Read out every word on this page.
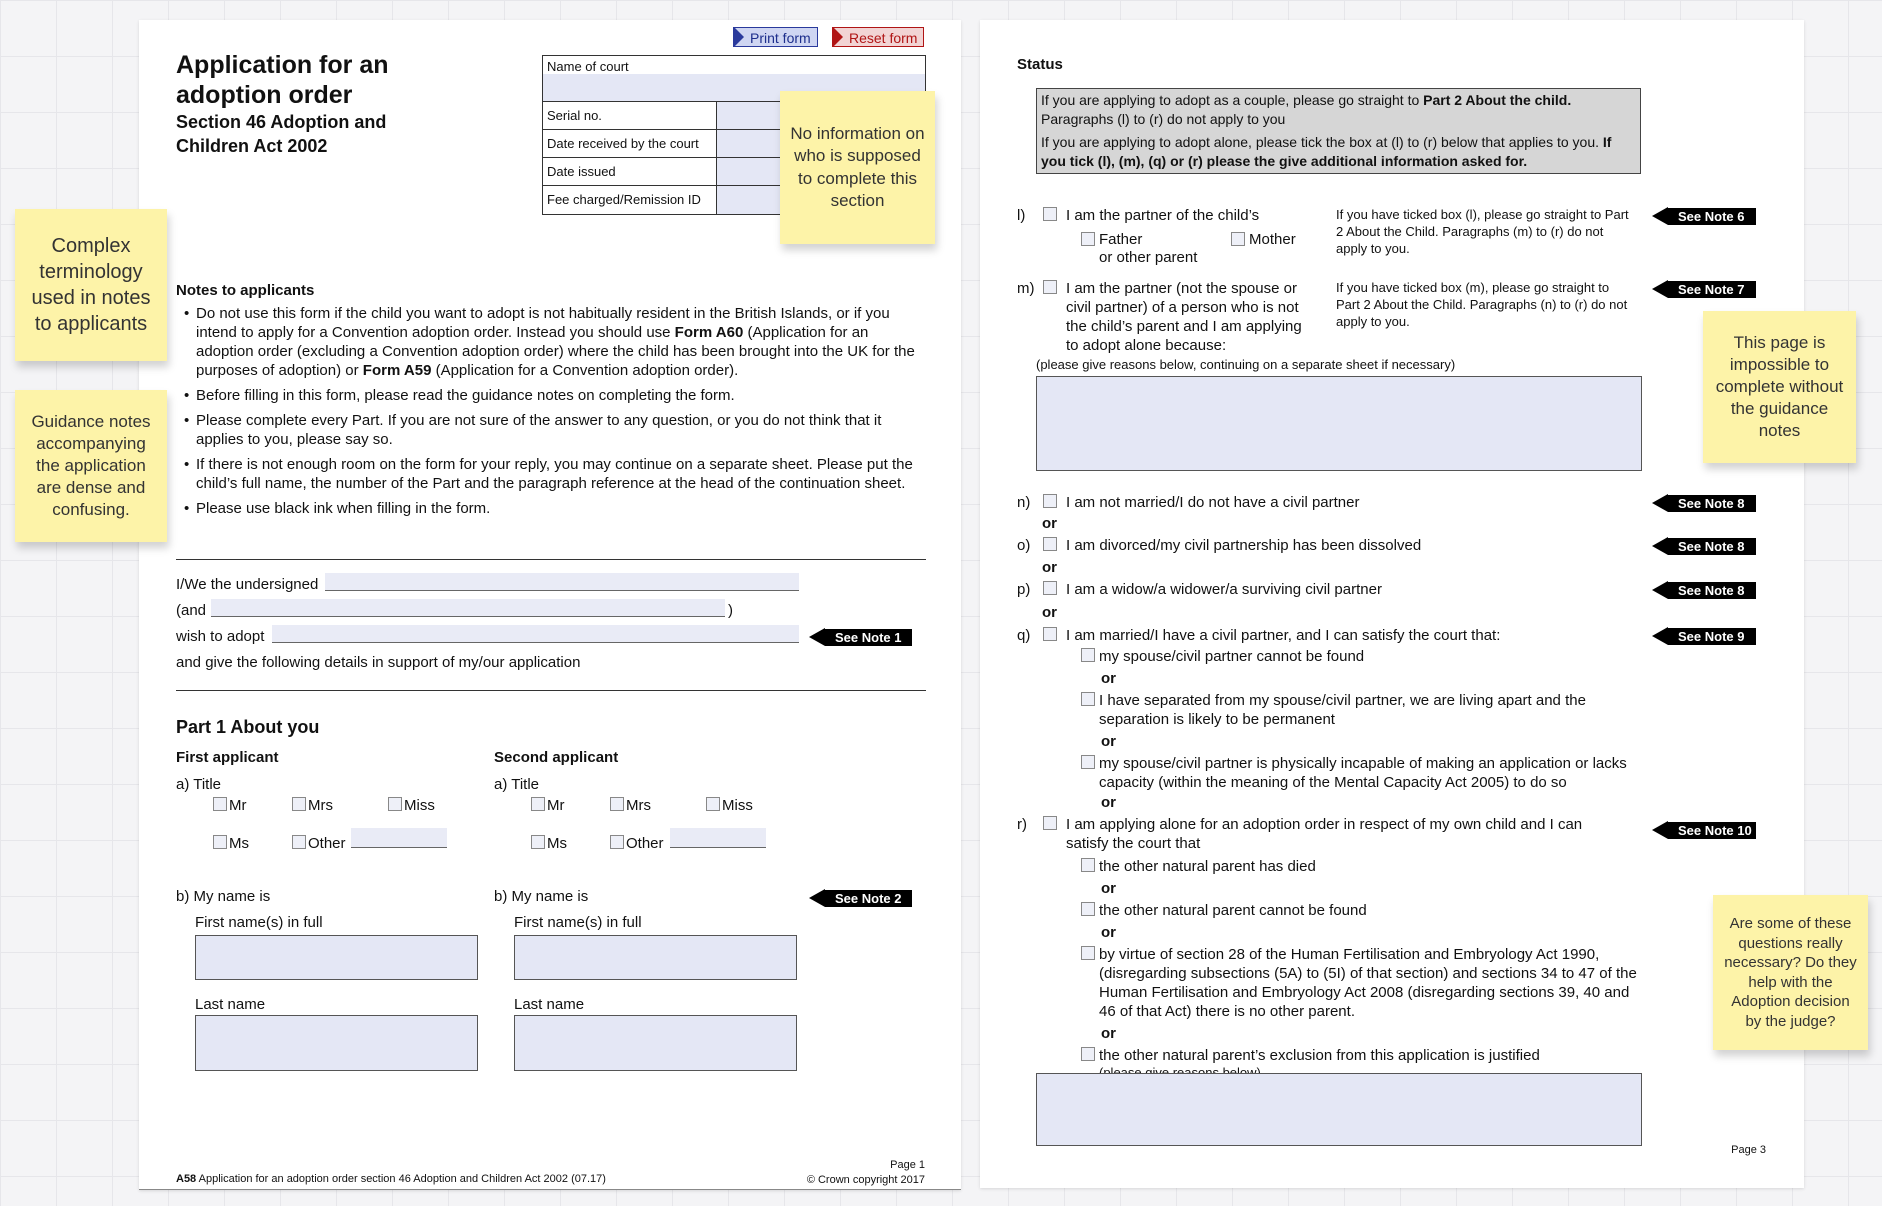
Print form	Reset form
Application for an
adoption order
Section 46 Adoption and
Children Act 2002
Name of court
Serial no.
Date received by the court
Date issued
Fee charged/Remission ID
Notes to applicants
• Do not use this form if the child you want to adopt is not habitually resident in the British Islands, or if you intend to apply for a Convention adoption order. Instead you should use Form A60 (Application for an adoption order (excluding a Convention adoption order) where the child has been brought into the UK for the purposes of adoption) or Form A59 (Application for a Convention adoption order).
• Before filling in this form, please read the guidance notes on completing the form.
• Please complete every Part. If you are not sure of the answer to any question, or you do not think that it applies to you, please say so.
• If there is not enough room on the form for your reply, you may continue on a separate sheet. Please put the child’s full name, the number of the Part and the paragraph reference at the head of the continuation sheet.
• Please use black ink when filling in the form.
I/We the undersigned
(and	)
wish to adopt	See Note 1
and give the following details in support of my/our application
Part 1 About you
First applicant
a) Title
Mr	Mrs	Miss
Ms	Other
b) My name is
First name(s) in full
Last name
Second applicant
a) Title
Mr	Mrs	Miss
Ms	Other
b) My name is	See Note 2
First name(s) in full
Last name
A58 Application for an adoption order section 46 Adoption and Children Act 2002 (07.17)
Page 1
© Crown copyright 2017
Status
If you are applying to adopt as a couple, please go straight to Part 2 About the child. Paragraphs (l) to (r) do not apply to you
If you are applying to adopt alone, please tick the box at (l) to (r) below that applies to you. If you tick (l), (m), (q) or (r) please the give additional information asked for.
l)	I am the partner of the child’s
Father	Mother
or other parent
If you have ticked box (l), please go straight to Part 2 About the Child. Paragraphs (m) to (r) do not apply to you.
See Note 6
m) I am the partner (not the spouse or civil partner) of a person who is not the child’s parent and I am applying to adopt alone because:
If you have ticked box (m), please go straight to Part 2 About the Child. Paragraphs (n) to (r) do not apply to you.
See Note 7
(please give reasons below, continuing on a separate sheet if necessary)
n) I am not married/I do not have a civil partner	See Note 8
or
o) I am divorced/my civil partnership has been dissolved	See Note 8
or
p) I am a widow/a widower/a surviving civil partner	See Note 8
or
q) I am married/I have a civil partner, and I can satisfy the court that:	See Note 9
my spouse/civil partner cannot be found
or
I have separated from my spouse/civil partner, we are living apart and the separation is likely to be permanent
or
my spouse/civil partner is physically incapable of making an application or lacks capacity (within the meaning of the Mental Capacity Act 2005) to do so
or
r)	I am applying alone for an adoption order in respect of my own child and I can
satisfy the court that
See Note 10
the other natural parent has died
or
the other natural parent cannot be found
or
by virtue of section 28 of the Human Fertilisation and Embryology Act 1990, (disregarding subsections (5A) to (5I) of that section) and sections 34 to 47 of the Human Fertilisation and Embryology Act 2008 (disregarding sections 39, 40 and 46 of that Act) there is no other parent.
or
the other natural parent’s exclusion from this application is justified
Page 3
No information on who is supposed to complete this section
Complex terminology used in notes to applicants
Guidance notes accompanying the application are dense and confusing.
This page is impossible to complete without the guidance notes
Are some of these questions really necessary? Do they help with the Adoption decision by the judge?
